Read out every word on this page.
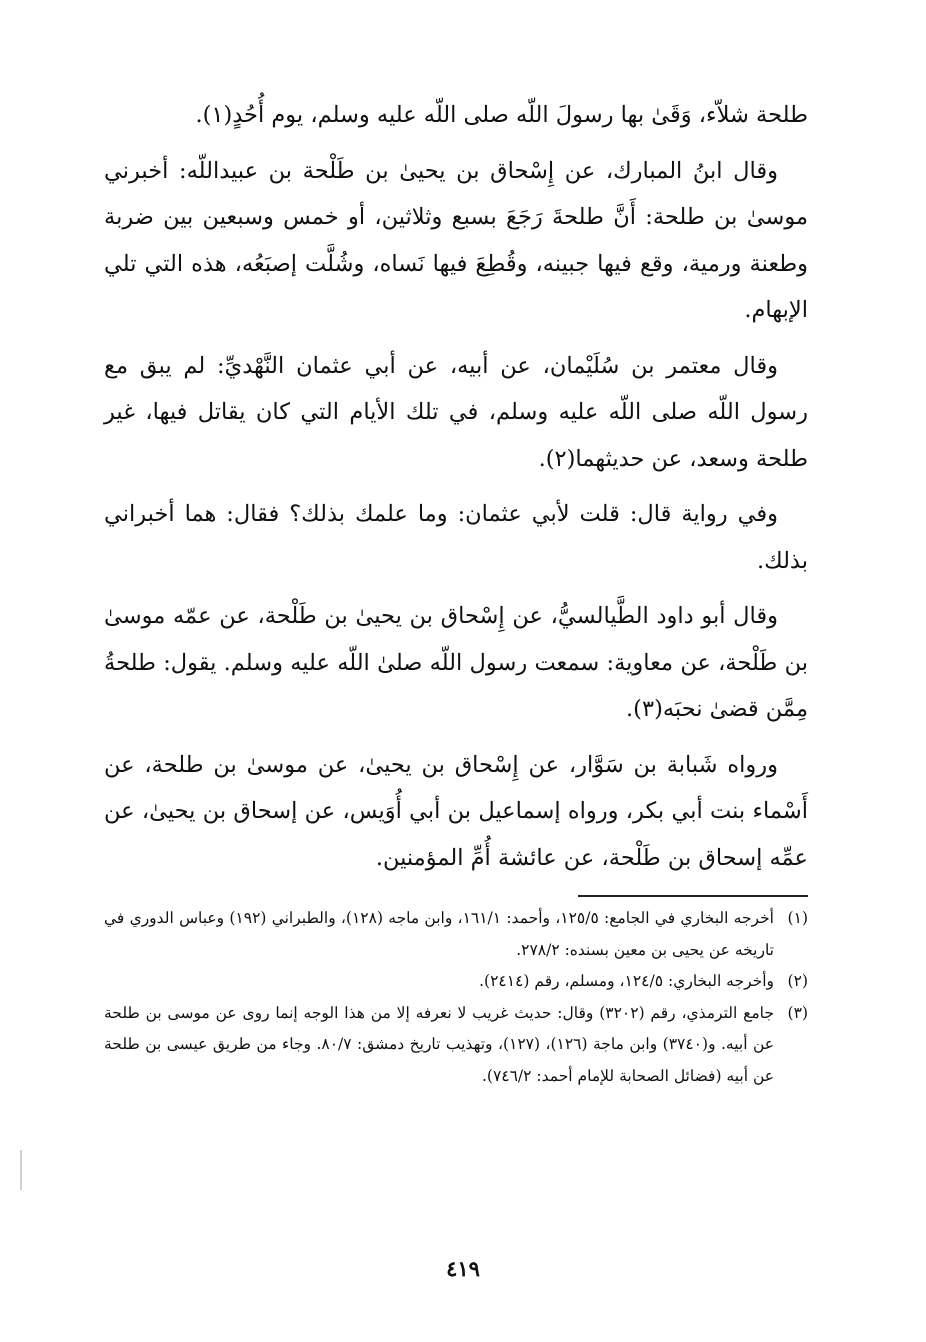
طلحة شلاّء، وَقَىٰ بها رسولَ اللّه صلى اللّه عليه وسلم، يوم أُحُدٍ(١).

وقال ابنُ المبارك، عن إِسْحاق بن يحيىٰ بن طَلْحة بن عبيداللّه: أخبرني موسىٰ بن طلحة: أَنَّ طلحةَ رَجَعَ بسبع وثلاثين، أو خمس وسبعين بين ضربة وطعنة ورمية، وقع فيها جبينه، وقُطِعَ فيها نَساه، وشُلَّت إصبَعُه، هذه التي تلي الإبهام.

وقال معتمر بن سُلَيْمان، عن أبيه، عن أبي عثمان النَّهْديِّ: لم يبق مع رسول اللّه صلى اللّه عليه وسلم، في تلك الأيام التي كان يقاتل فيها، غير طلحة وسعد، عن حديثهما(٢).

وفي رواية قال: قلت لأبي عثمان: وما علمك بذلك؟ فقال: هما أخبراني بذلك.

وقال أبو داود الطَّيالسيُّ، عن إِسْحاق بن يحيىٰ بن طَلْحة، عن عمّه موسىٰ بن طَلْحة، عن معاوية: سمعت رسول اللّه صلىٰ اللّه عليه وسلم. يقول: طلحةُ مِمَّن قضىٰ نحبَه(٣).

ورواه شَبابة بن سَوَّار، عن إِسْحاق بن يحيىٰ، عن موسىٰ بن طلحة، عن أَسْماء بنت أبي بكر، ورواه إسماعيل بن أبي أُوَيس، عن إسحاق بن يحيىٰ، عن عمِّه إسحاق بن طَلْحة، عن عائشة أُمِّ المؤمنين.

(١)
أخرجه البخاري في الجامع: ١٢٥/٥، وأحمد: ١٦١/١، وابن ماجه (١٢٨)، والطبراني (١٩٢) وعباس الدوري في تاريخه عن يحيى بن معين بسنده: ٢٧٨/٢.
(٢)
وأخرجه البخاري: ١٢٤/٥، ومسلم، رقم (٢٤١٤).
(٣)
جامع الترمذي، رقم (٣٢٠٢) وقال: حديث غريب لا نعرفه إلا من هذا الوجه إنما روى عن موسى بن طلحة عن أبيه. و(٣٧٤٠) وابن ماجة (١٢٦)، (١٢٧)، وتهذيب تاريخ دمشق: ٨٠/٧. وجاء من طريق عيسى بن طلحة عن أبيه (فضائل الصحابة للإمام أحمد: ٧٤٦/٢).
٤١٩
